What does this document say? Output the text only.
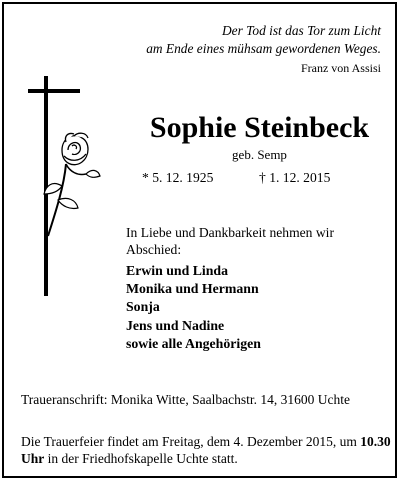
Der Tod ist das Tor zum Licht
am Ende eines mühsam gewordenen Weges.
Franz von Assisi
Sophie Steinbeck
geb. Semp
* 5. 12. 1925	† 1. 12. 2015
In Liebe und Dankbarkeit nehmen wir Abschied:
Erwin und Linda
Monika und Hermann
Sonja
Jens und Nadine
sowie alle Angehörigen
Traueranschrift: Monika Witte, Saalbachstr. 14, 31600 Uchte
Die Trauerfeier findet am Freitag, dem 4. Dezember 2015, um 10.30 Uhr in der Friedhofskapelle Uchte statt.
